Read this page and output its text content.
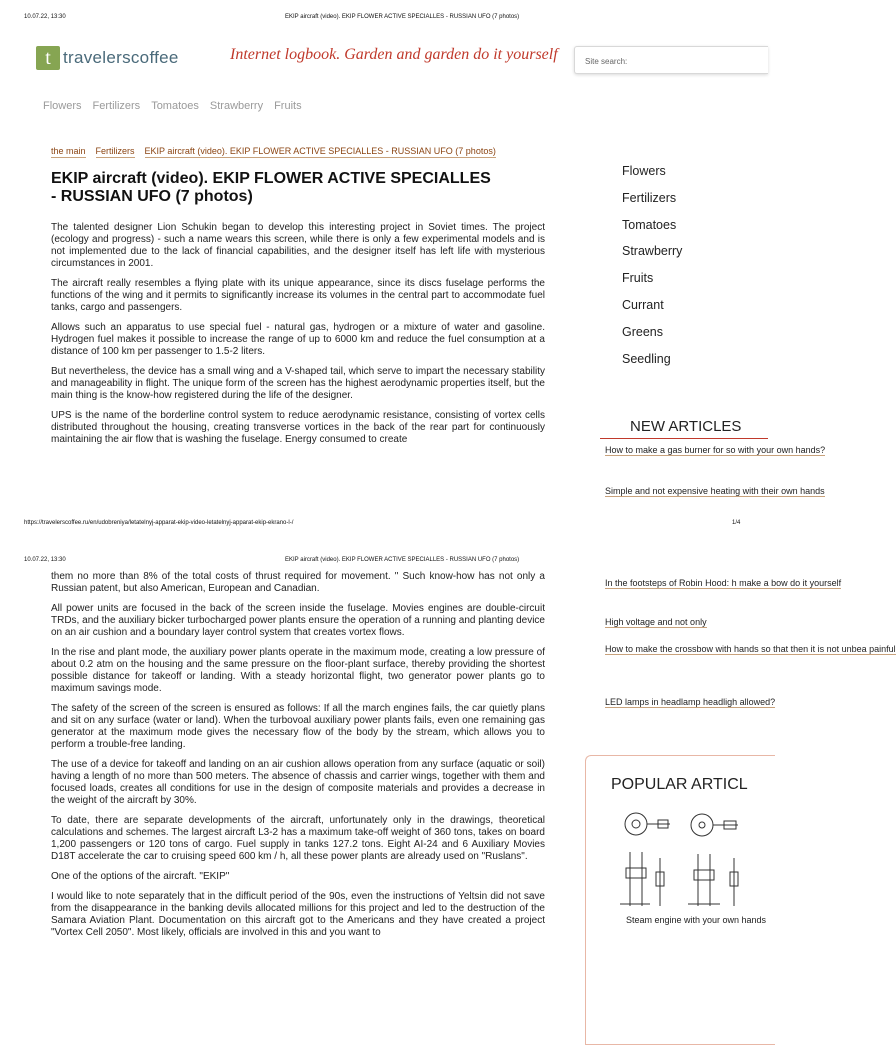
10.07.22, 13:30	EKIP aircraft (video). EKIP FLOWER ACTIVE SPECIALLES - RUSSIAN UFO (7 photos)
t travelerscoffee	Internet logbook. Garden and garden do it yourself	Site search:
Flowers Fertilizers Tomatoes Strawberry Fruits
the main Fertilizers EKIP aircraft (video). EKIP FLOWER ACTIVE SPECIALLES - RUSSIAN UFO (7 photos)
EKIP aircraft (video). EKIP FLOWER ACTIVE SPECIALLES - RUSSIAN UFO (7 photos)

The talented designer Lion Schukin began to develop this interesting project in Soviet times. The project (ecology and progress) - such a name wears this screen, while there is only a few experimental models and is not implemented due to the lack of financial capabilities, and the designer itself has left life with mysterious circumstances in 2001.

The aircraft really resembles a flying plate with its unique appearance, since its discs fuselage performs the functions of the wing and it permits to significantly increase its volumes in the central part to accommodate fuel tanks, cargo and passengers.

Allows such an apparatus to use special fuel - natural gas, hydrogen or a mixture of water and gasoline. Hydrogen fuel makes it possible to increase the range of up to 6000 km and reduce the fuel consumption at a distance of 100 km per passenger to 1.5-2 liters.

But nevertheless, the device has a small wing and a V-shaped tail, which serve to impart the necessary stability and manageability in flight. The unique form of the screen has the highest aerodynamic properties itself, but the main thing is the know-how registered during the life of the designer.

UPS is the name of the borderline control system to reduce aerodynamic resistance, consisting of vortex cells distributed throughout the housing, creating transverse vortices in the back of the rear part for continuously maintaining the air flow that is washing the fuselage. Energy consumed to create

Flowers
Fertilizers
Tomatoes
Strawberry
Fruits
Currant
Greens
Seedling
NEW ARTICLES
How to make a gas burner for so with your own hands?
Simple and not expensive heating with their own hands
https://travelerscoffee.ru/en/udobreniya/letatelnyj-apparat-ekip-video-letatelnyj-apparat-ekip-ekrano-l-/	1/4
10.07.22, 13:30	EKIP aircraft (video). EKIP FLOWER ACTIVE SPECIALLES - RUSSIAN UFO (7 photos)

them no more than 8% of the total costs of thrust required for movement. " Such know-how has not only a Russian patent, but also American, European and Canadian.

All power units are focused in the back of the screen inside the fuselage. Movies engines are double-circuit TRDs, and the auxiliary bicker turbocharged power plants ensure the operation of a running and planting device on an air cushion and a boundary layer control system that creates vortex flows.

In the rise and plant mode, the auxiliary power plants operate in the maximum mode, creating a low pressure of about 0.2 atm on the housing and the same pressure on the floor-plant surface, thereby providing the shortest possible distance for takeoff or landing. With a steady horizontal flight, two generator power plants go to maximum savings mode.

The safety of the screen of the screen is ensured as follows: If all the march engines fails, the car quietly plans and sit on any surface (water or land). When the turbovoal auxiliary power plants fails, even one remaining gas generator at the maximum mode gives the necessary flow of the body by the stream, which allows you to perform a trouble-free landing.

The use of a device for takeoff and landing on an air cushion allows operation from any surface (aquatic or soil) having a length of no more than 500 meters. The absence of chassis and carrier wings, together with them and focused loads, creates all conditions for use in the design of composite materials and provides a decrease in the weight of the aircraft by 30%.

To date, there are separate developments of the aircraft, unfortunately only in the drawings, theoretical calculations and schemes. The largest aircraft L3-2 has a maximum take-off weight of 360 tons, takes on board 1,200 passengers or 120 tons of cargo. Fuel supply in tanks 127.2 tons. Eight AI-24 and 6 Auxiliary Movies D18T accelerate the car to cruising speed 600 km / h, all these power plants are already used on "Ruslans".

One of the options of the aircraft. "EKIP"

I would like to note separately that in the difficult period of the 90s, even the instructions of Yeltsin did not save from the disappearance in the banking devils allocated millions for this project and led to the destruction of the Samara Aviation Plant. Documentation on this aircraft got to the Americans and they have created a project "Vortex Cell 2050". Most likely, officials are involved in this and you want to

In the footsteps of Robin Hood: h make a bow do it yourself
High voltage and not only
How to make the crossbow with hands so that then it is not unbea painful
LED lamps in headlamp headligh allowed?
POPULAR ARTICL
Steam engine with your own hands
